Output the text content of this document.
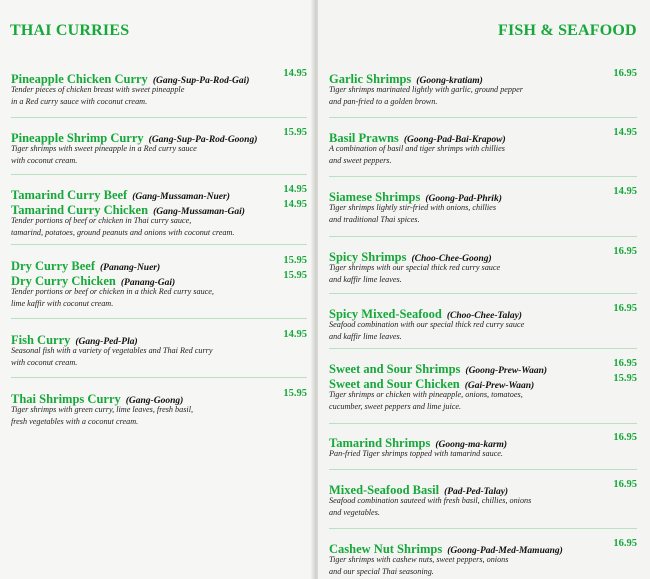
THAI CURRIES
Pineapple Chicken Curry (Gang-Sup-Pa-Rod-Gai)
14.95
Tender pieces of chicken breast with sweet pineapple
in a Red curry sauce with coconut cream.
Pineapple Shrimp Curry (Gang-Sup-Pa-Rod-Goong)
15.95
Tiger shrimps with sweet pineapple in a Red curry sauce
with coconut cream.
Tamarind Curry Beef (Gang-Mussaman-Nuer)
14.95
Tamarind Curry Chicken (Gang-Mussaman-Gai)
14.95
Tender portions of beef or chicken in Thai curry sauce,
tamarind, potatoes, ground peanuts and onions with coconut cream.
Dry Curry Beef (Panang-Nuer)
15.95
Dry Curry Chicken (Panang-Gai)
15.95
Tender portions or beef or chicken in a thick Red curry sauce,
lime kaffir with coconut cream.
Fish Curry (Gang-Ped-Pla)
14.95
Seasonal fish with a variety of vegetables and Thai Red curry
with coconut cream.
Thai Shrimps Curry (Gang-Goong)
15.95
Tiger shrimps with green curry, lime leaves, fresh basil,
fresh vegetables with a coconut cream.
FISH & SEAFOOD
Garlic Shrimps (Goong-kratiam)
16.95
Tiger shrimps marinated lightly with garlic, ground pepper
and pan-fried to a golden brown.
Basil Prawns (Goong-Pad-Bai-Krapow)
14.95
A combination of basil and tiger shrimps with chillies
and sweet peppers.
Siamese Shrimps (Goong-Pad-Phrik)
14.95
Tiger shrimps lightly stir-fried with onions, chillies
and traditional Thai spices.
Spicy Shrimps (Choo-Chee-Goong)
16.95
Tiger shrimps with our special thick red curry sauce
and kaffir lime leaves.
Spicy Mixed-Seafood (Choo-Chee-Talay)
16.95
Seafood combination with our special thick red curry sauce
and kaffir lime leaves.
Sweet and Sour Shrimps (Goong-Prew-Waan)
16.95
Sweet and Sour Chicken (Gai-Prew-Waan)
15.95
Tiger shrimps or chicken with pineapple, onions, tomatoes,
cucumber, sweet peppers and lime juice.
Tamarind Shrimps (Goong-ma-karm)
16.95
Pan-fried Tiger shrimps topped with tamarind sauce.
Mixed-Seafood Basil (Pad-Ped-Talay)
16.95
Seafood combination sauteed with fresh basil, chillies, onions
and vegetables.
Cashew Nut Shrimps (Goong-Pad-Med-Mamuang)
16.95
Tiger shrimps with cashew nuts, sweet peppers, onions
and our special Thai seasoning.
